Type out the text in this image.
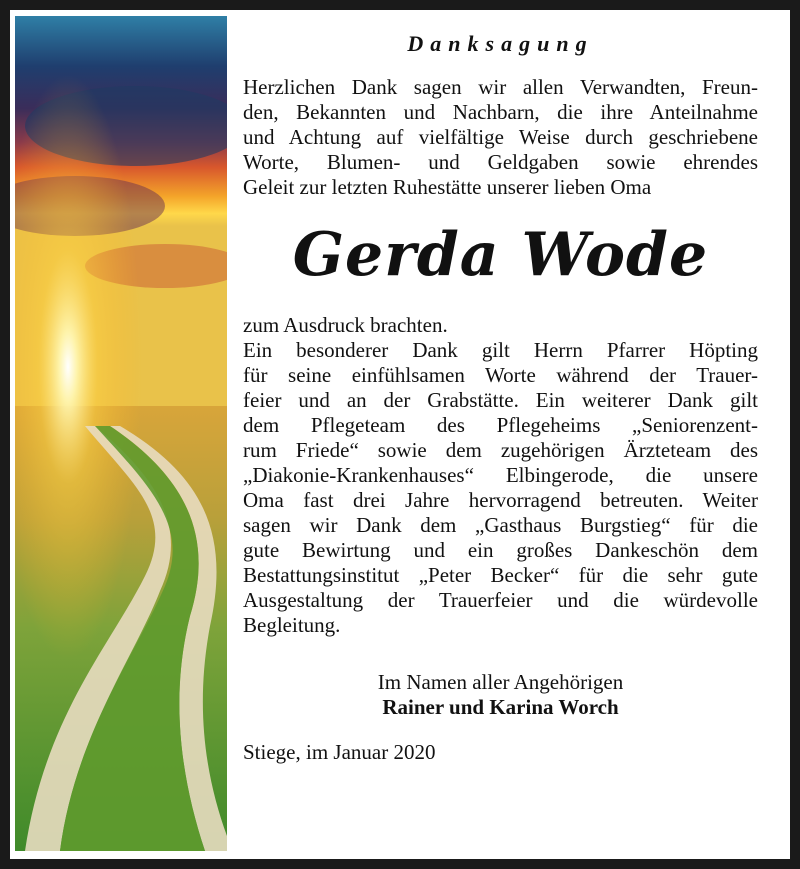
Danksagung
Herzlichen Dank sagen wir allen Verwandten, Freun-
den, Bekannten und Nachbarn, die ihre Anteilnahme
und Achtung auf vielfältige Weise durch geschriebene
Worte, Blumen- und Geldgaben sowie ehrendes
Geleit zur letzten Ruhestätte unserer lieben Oma
Gerda Wode
zum Ausdruck brachten.
Ein besonderer Dank gilt Herrn Pfarrer Höpting
für seine einfühlsamen Worte während der Trauer-
feier und an der Grabstätte. Ein weiterer Dank gilt
dem Pflegeteam des Pflegeheims „Seniorenzent-
rum Friede“ sowie dem zugehörigen Ärzteteam des
„Diakonie-Krankenhauses“ Elbingerode, die unsere
Oma fast drei Jahre hervorragend betreuten. Weiter
sagen wir Dank dem „Gasthaus Burgstieg“ für die
gute Bewirtung und ein großes Dankeschön dem
Bestattungsinstitut „Peter Becker“ für die sehr gute
Ausgestaltung der Trauerfeier und die würdevolle
Begleitung.
Im Namen aller Angehörigen
Rainer und Karina Worch
Stiege, im Januar 2020
